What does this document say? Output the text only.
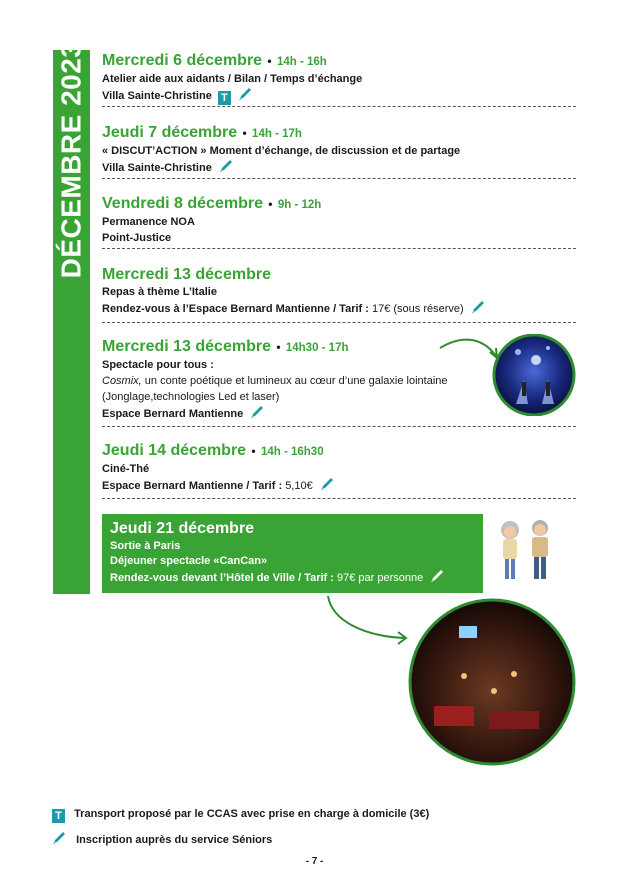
DÉCEMBRE 2023 Mercredi 6 décembre • 14h - 16h
Atelier aide aux aidants / Bilan / Temps d’échange
Villa Sainte-Christine T
Jeudi 7 décembre • 14h - 17h
« DISCUT’ACTION » Moment d’échange, de discussion et de partage
Villa Sainte-Christine
Vendredi 8 décembre • 9h - 12h
Permanence NOA
Point-Justice
Mercredi 13 décembre
Repas à thème L’Italie
Rendez-vous à l’Espace Bernard Mantienne / Tarif : 17€ (sous réserve)
Mercredi 13 décembre • 14h30 - 17h
Spectacle pour tous :
Cosmix, un conte poétique et lumineux au cœur d’une galaxie lointaine
(Jonglage,technologies Led et laser)
Espace Bernard Mantienne
Jeudi 14 décembre • 14h - 16h30
Ciné-Thé
Espace Bernard Mantienne / Tarif : 5,10€
Jeudi 21 décembre
Sortie à Paris
Déjeuner spectacle «CanCan»
Rendez-vous devant l’Hôtel de Ville / Tarif : 97€ par personne
T Transport proposé par le CCAS avec prise en charge à domicile (3€)
Inscription auprès du service Séniors
- 7 -
